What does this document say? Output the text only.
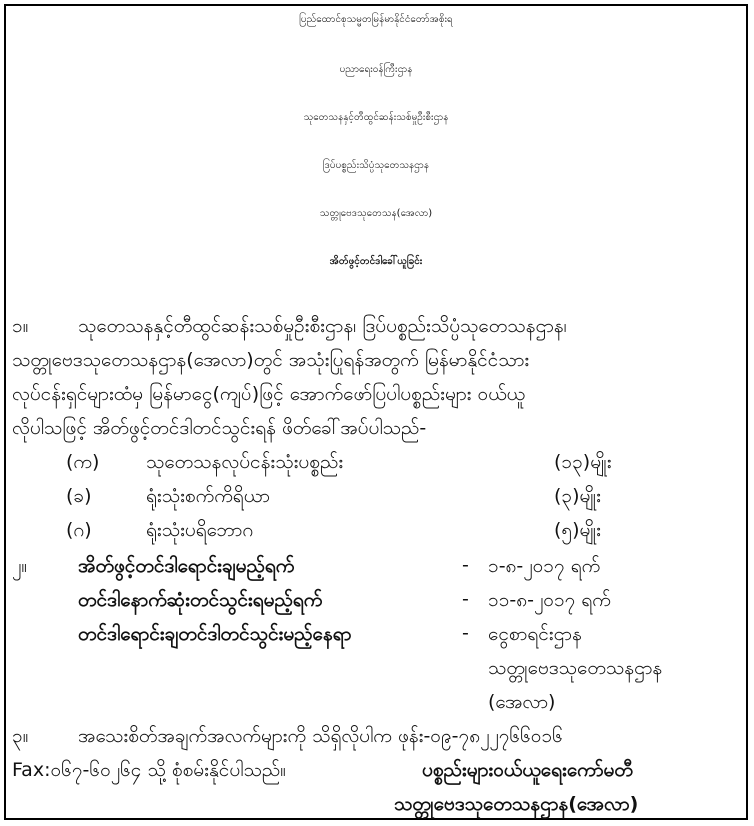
ပြည်ထောင်စုသမ္မတမြန်မာနိုင်ငံတော်အစိုးရ
ပညာရေးဝန်ကြီးဌာန
သုတေသနနှင့်တီထွင်ဆန်းသစ်မှုဦးစီးဌာန
ဒြပ်ပစ္စည်းသိပ္ပံသုတေသနဌာန
သတ္တုဗေဒသုတေသန(အေလာ)
အိတ်ဖွင့်တင်ဒါခေါ်ယူခြင်း
၁။	သုတေသနနှင့်တီထွင်ဆန်းသစ်မှုဦးစီးဌာန၊ ဒြပ်ပစ္စည်းသိပ္ပံသုတေသနဌာန၊
သတ္တုဗေဒသုတေသနဌာန(အေလာ)တွင် အသုံးပြုရန်အတွက် မြန်မာနိုင်ငံသား
လုပ်ငန်းရှင်များထံမှ မြန်မာငွေ(ကျပ်)ဖြင့် အောက်ဖော်ပြပါပစ္စည်းများ ဝယ်ယူ
လိုပါသဖြင့် အိတ်ဖွင့်တင်ဒါတင်သွင်းရန် ဖိတ်ခေါ်အပ်ပါသည်-
(က) သုတေသနလုပ်ငန်းသုံးပစ္စည်း	(၁၃)မျိုး
(ခ)	ရုံးသုံးစက်ကိရိယာ	(၃)မျိုး
(ဂ)	ရုံးသုံးပရိဘောဂ	(၅)မျိုး
၂။	အိတ်ဖွင့်တင်ဒါရောင်းချမည့်ရက်	- ၁-၈-၂၀၁၇ ရက်
တင်ဒါနောက်ဆုံးတင်သွင်းရမည့်ရက်	- ၁၁-၈-၂၀၁၇ ရက်
တင်ဒါရောင်းချတင်ဒါတင်သွင်းမည့်နေရာ	- ငွေစာရင်းဌာန
သတ္တုဗေဒသုတေသနဌာန
(အေလာ)
၃။	အသေးစိတ်အချက်အလက်များကို သိရှိလိုပါက ဖုန်း-၀၉-၇၈၂၂၇၆၆၀၁၆
Fax:၀၆၇-၆၀၂၆၄ သို့ စုံစမ်းနိုင်ပါသည်။	ပစ္စည်းများဝယ်ယူရေးကော်မတီ
သတ္တုဗေဒသုတေသနဌာန(အေလာ)
